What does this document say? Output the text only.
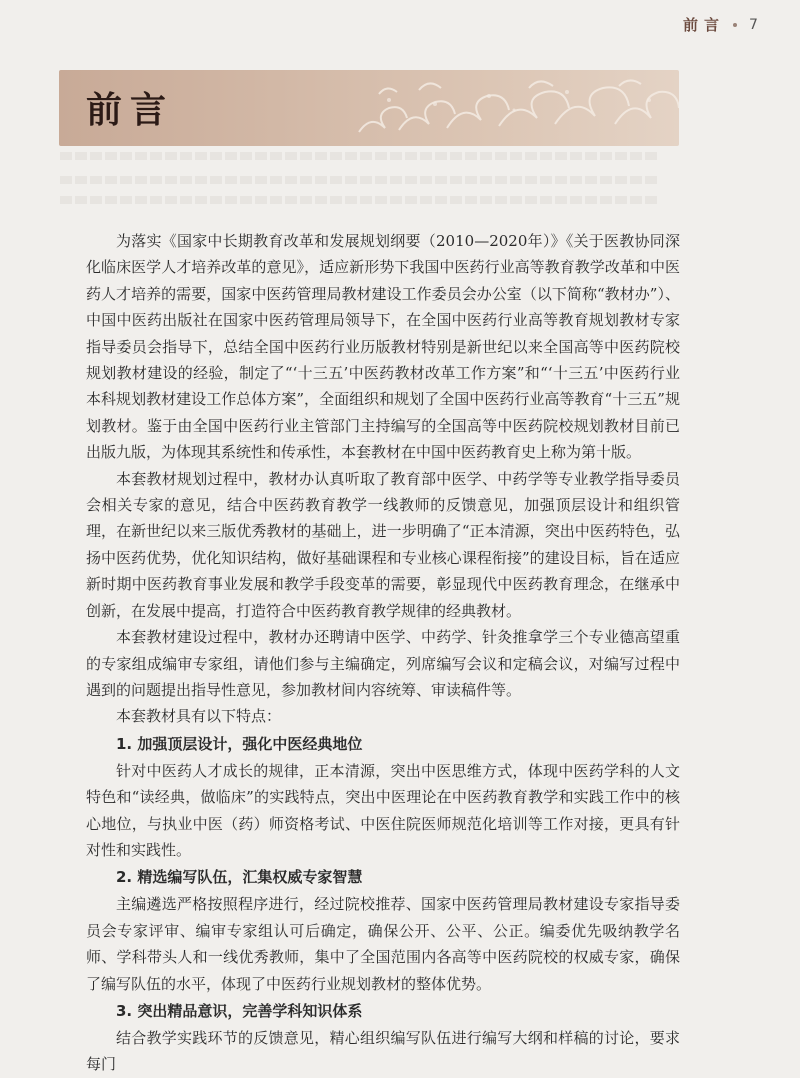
前言 7
前言

为落实《国家中长期教育改革和发展规划纲要（2010—2020年）》《关于医教协同深化临床医学人才培养改革的意见》，适应新形势下我国中医药行业高等教育教学改革和中医药人才培养的需要，国家中医药管理局教材建设工作委员会办公室（以下简称“教材办”）、中国中医药出版社在国家中医药管理局领导下，在全国中医药行业高等教育规划教材专家指导委员会指导下，总结全国中医药行业历版教材特别是新世纪以来全国高等中医药院校规划教材建设的经验，制定了“‘十三五’中医药教材改革工作方案”和“‘十三五’中医药行业本科规划教材建设工作总体方案”，全面组织和规划了全国中医药行业高等教育“十三五”规划教材。鉴于由全国中医药行业主管部门主持编写的全国高等中医药院校规划教材目前已出版九版，为体现其系统性和传承性，本套教材在中国中医药教育史上称为第十版。

本套教材规划过程中，教材办认真听取了教育部中医学、中药学等专业教学指导委员会相关专家的意见，结合中医药教育教学一线教师的反馈意见，加强顶层设计和组织管理，在新世纪以来三版优秀教材的基础上，进一步明确了“正本清源，突出中医药特色，弘扬中医药优势，优化知识结构，做好基础课程和专业核心课程衔接”的建设目标，旨在适应新时期中医药教育事业发展和教学手段变革的需要，彰显现代中医药教育理念，在继承中创新，在发展中提高，打造符合中医药教育教学规律的经典教材。

本套教材建设过程中，教材办还聘请中医学、中药学、针灸推拿学三个专业德高望重的专家组成编审专家组，请他们参与主编确定，列席编写会议和定稿会议，对编写过程中遇到的问题提出指导性意见，参加教材间内容统筹、审读稿件等。

本套教材具有以下特点：

1. 加强顶层设计，强化中医经典地位

针对中医药人才成长的规律，正本清源，突出中医思维方式，体现中医药学科的人文特色和“读经典，做临床”的实践特点，突出中医理论在中医药教育教学和实践工作中的核心地位，与执业中医（药）师资格考试、中医住院医师规范化培训等工作对接，更具有针对性和实践性。

2. 精选编写队伍，汇集权威专家智慧

主编遴选严格按照程序进行，经过院校推荐、国家中医药管理局教材建设专家指导委员会专家评审、编审专家组认可后确定，确保公开、公平、公正。编委优先吸纳教学名师、学科带头人和一线优秀教师，集中了全国范围内各高等中医药院校的权威专家，确保了编写队伍的水平，体现了中医药行业规划教材的整体优势。

3. 突出精品意识，完善学科知识体系

结合教学实践环节的反馈意见，精心组织编写队伍进行编写大纲和样稿的讨论，要求每门
